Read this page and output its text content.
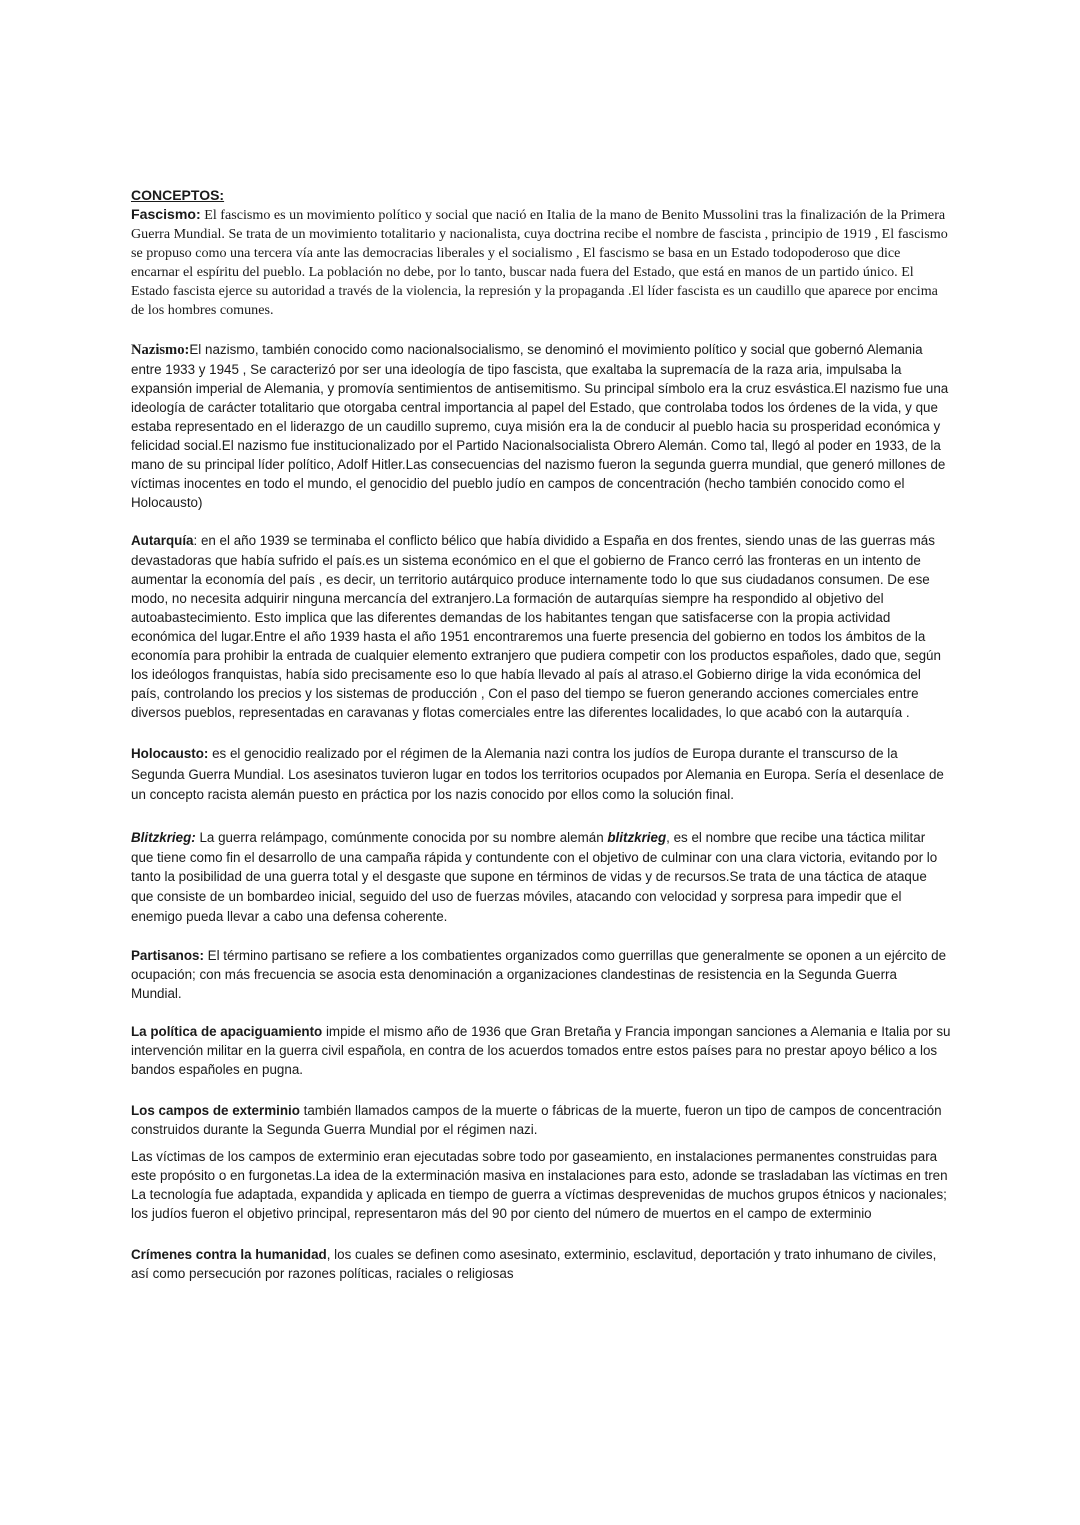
CONCEPTOS:

Fascismo: El fascismo es un movimiento político y social que nació en Italia de la mano de Benito Mussolini tras la finalización de la Primera Guerra Mundial. Se trata de un movimiento totalitario y nacionalista, cuya doctrina recibe el nombre de fascista , principio de 1919 , El fascismo se propuso como una tercera vía ante las democracias liberales y el socialismo , El fascismo se basa en un Estado todopoderoso que dice encarnar el espíritu del pueblo. La población no debe, por lo tanto, buscar nada fuera del Estado, que está en manos de un partido único. El Estado fascista ejerce su autoridad a través de la violencia, la represión y la propaganda .El líder fascista es un caudillo que aparece por encima de los hombres comunes.

Nazismo:El nazismo, también conocido como nacionalsocialismo, se denominó el movimiento político y social que gobernó Alemania entre 1933 y 1945 , Se caracterizó por ser una ideología de tipo fascista, que exaltaba la supremacía de la raza aria, impulsaba la expansión imperial de Alemania, y promovía sentimientos de antisemitismo. Su principal símbolo era la cruz esvástica.El nazismo fue una ideología de carácter totalitario que otorgaba central importancia al papel del Estado, que controlaba todos los órdenes de la vida, y que estaba representado en el liderazgo de un caudillo supremo, cuya misión era la de conducir al pueblo hacia su prosperidad económica y felicidad social.El nazismo fue institucionalizado por el Partido Nacionalsocialista Obrero Alemán. Como tal, llegó al poder en 1933, de la mano de su principal líder político, Adolf Hitler.Las consecuencias del nazismo fueron la segunda guerra mundial, que generó millones de víctimas inocentes en todo el mundo, el genocidio del pueblo judío en campos de concentración (hecho también conocido como el Holocausto)

Autarquía: en el año 1939 se terminaba el conflicto bélico que había dividido a España en dos frentes, siendo unas de las guerras más devastadoras que había sufrido el país.es un sistema económico en el que el gobierno de Franco cerró las fronteras en un intento de aumentar la economía del país , es decir, un territorio autárquico produce internamente todo lo que sus ciudadanos consumen. De ese modo, no necesita adquirir ninguna mercancía del extranjero.La formación de autarquías siempre ha respondido al objetivo del autoabastecimiento. Esto implica que las diferentes demandas de los habitantes tengan que satisfacerse con la propia actividad económica del lugar.Entre el año 1939 hasta el año 1951 encontraremos una fuerte presencia del gobierno en todos los ámbitos de la economía para prohibir la entrada de cualquier elemento extranjero que pudiera competir con los productos españoles, dado que, según los ideólogos franquistas, había sido precisamente eso lo que había llevado al país al atraso.el Gobierno dirige la vida económica del país, controlando los precios y los sistemas de producción , Con el paso del tiempo se fueron generando acciones comerciales entre diversos pueblos, representadas en caravanas y flotas comerciales entre las diferentes localidades, lo que acabó con la autarquía .

Holocausto: es el genocidio realizado por el régimen de la Alemania nazi contra los judíos de Europa durante el transcurso de la Segunda Guerra Mundial. Los asesinatos tuvieron lugar en todos los territorios ocupados por Alemania en Europa. Sería el desenlace de un concepto racista alemán puesto en práctica por los nazis conocido por ellos como la solución final.

Blitzkrieg: La guerra relámpago, comúnmente conocida por su nombre alemán blitzkrieg, es el nombre que recibe una táctica militar que tiene como fin el desarrollo de una campaña rápida y contundente con el objetivo de culminar con una clara victoria, evitando por lo tanto la posibilidad de una guerra total y el desgaste que supone en términos de vidas y de recursos.Se trata de una táctica de ataque que consiste de un bombardeo inicial, seguido del uso de fuerzas móviles, atacando con velocidad y sorpresa para impedir que el enemigo pueda llevar a cabo una defensa coherente.

Partisanos: El término partisano se refiere a los combatientes organizados como guerrillas que generalmente se oponen a un ejército de ocupación; con más frecuencia se asocia esta denominación a organizaciones clandestinas de resistencia en la Segunda Guerra Mundial.

La política de apaciguamiento impide el mismo año de 1936 que Gran Bretaña y Francia impongan sanciones a Alemania e Italia por su intervención militar en la guerra civil española, en contra de los acuerdos tomados entre estos países para no prestar apoyo bélico a los bandos españoles en pugna.

Los campos de exterminio también llamados campos de la muerte o fábricas de la muerte, fueron un tipo de campos de concentración construidos durante la Segunda Guerra Mundial por el régimen nazi.

Las víctimas de los campos de exterminio eran ejecutadas sobre todo por gaseamiento, en instalaciones permanentes construidas para este propósito o en furgonetas.La idea de la exterminación masiva en instalaciones para esto, adonde se trasladaban las víctimas en tren La tecnología fue adaptada, expandida y aplicada en tiempo de guerra a víctimas desprevenidas de muchos grupos étnicos y nacionales; los judíos fueron el objetivo principal, representaron más del 90 por ciento del número de muertos en el campo de exterminio

Crímenes contra la humanidad, los cuales se definen como asesinato, exterminio, esclavitud, deportación y trato inhumano de civiles, así como persecución por razones políticas, raciales o religiosas
